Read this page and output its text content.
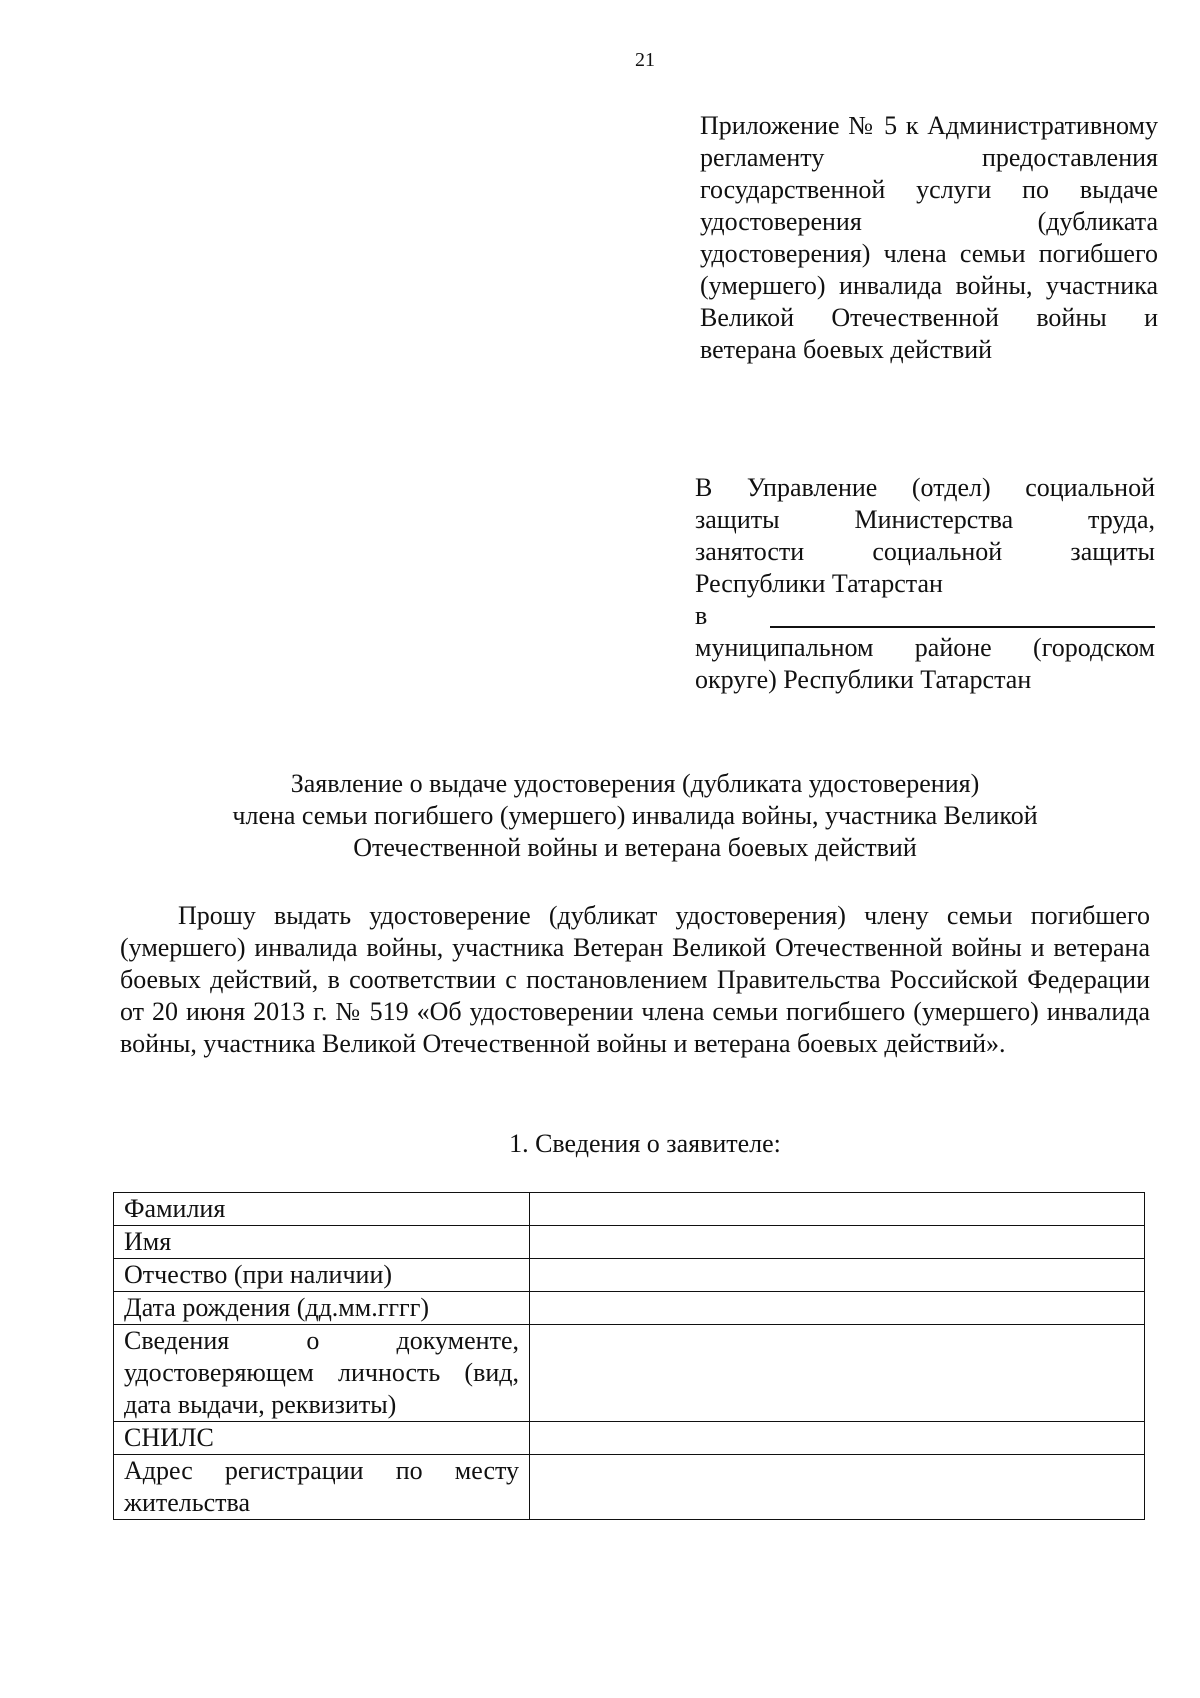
21
Приложение № 5 к Административному регламенту предоставления государственной услуги по выдаче удостоверения (дубликата удостоверения) члена семьи погибшего (умершего) инвалида войны, участника Великой Отечественной войны и ветерана боевых действий
В Управление (отдел) социальной
защиты Министерства труда,
занятости социальной защиты
Республики Татарстан
в
муниципальном районе (городском
округе) Республики Татарстан
Заявление о выдаче удостоверения (дубликата удостоверения)
члена семьи погибшего (умершего) инвалида войны, участника Великой
Отечественной войны и ветерана боевых действий
Прошу выдать удостоверение (дубликат удостоверения) члену семьи погибшего (умершего) инвалида войны, участника Ветеран Великой Отечественной войны и ветерана боевых действий, в соответствии с постановлением Правительства Российской Федерации от 20 июня 2013 г. № 519 «Об удостоверении члена семьи погибшего (умершего) инвалида войны, участника Великой Отечественной войны и ветерана боевых действий».
1. Сведения о заявителе:
Фамилия	
Имя	
Отчество (при наличии)	
Дата рождения (дд.мм.гггг)	
Сведения о документе, удостоверяющем личность (вид, дата выдачи, реквизиты)	
СНИЛС	
Адрес регистрации по месту жительства	
